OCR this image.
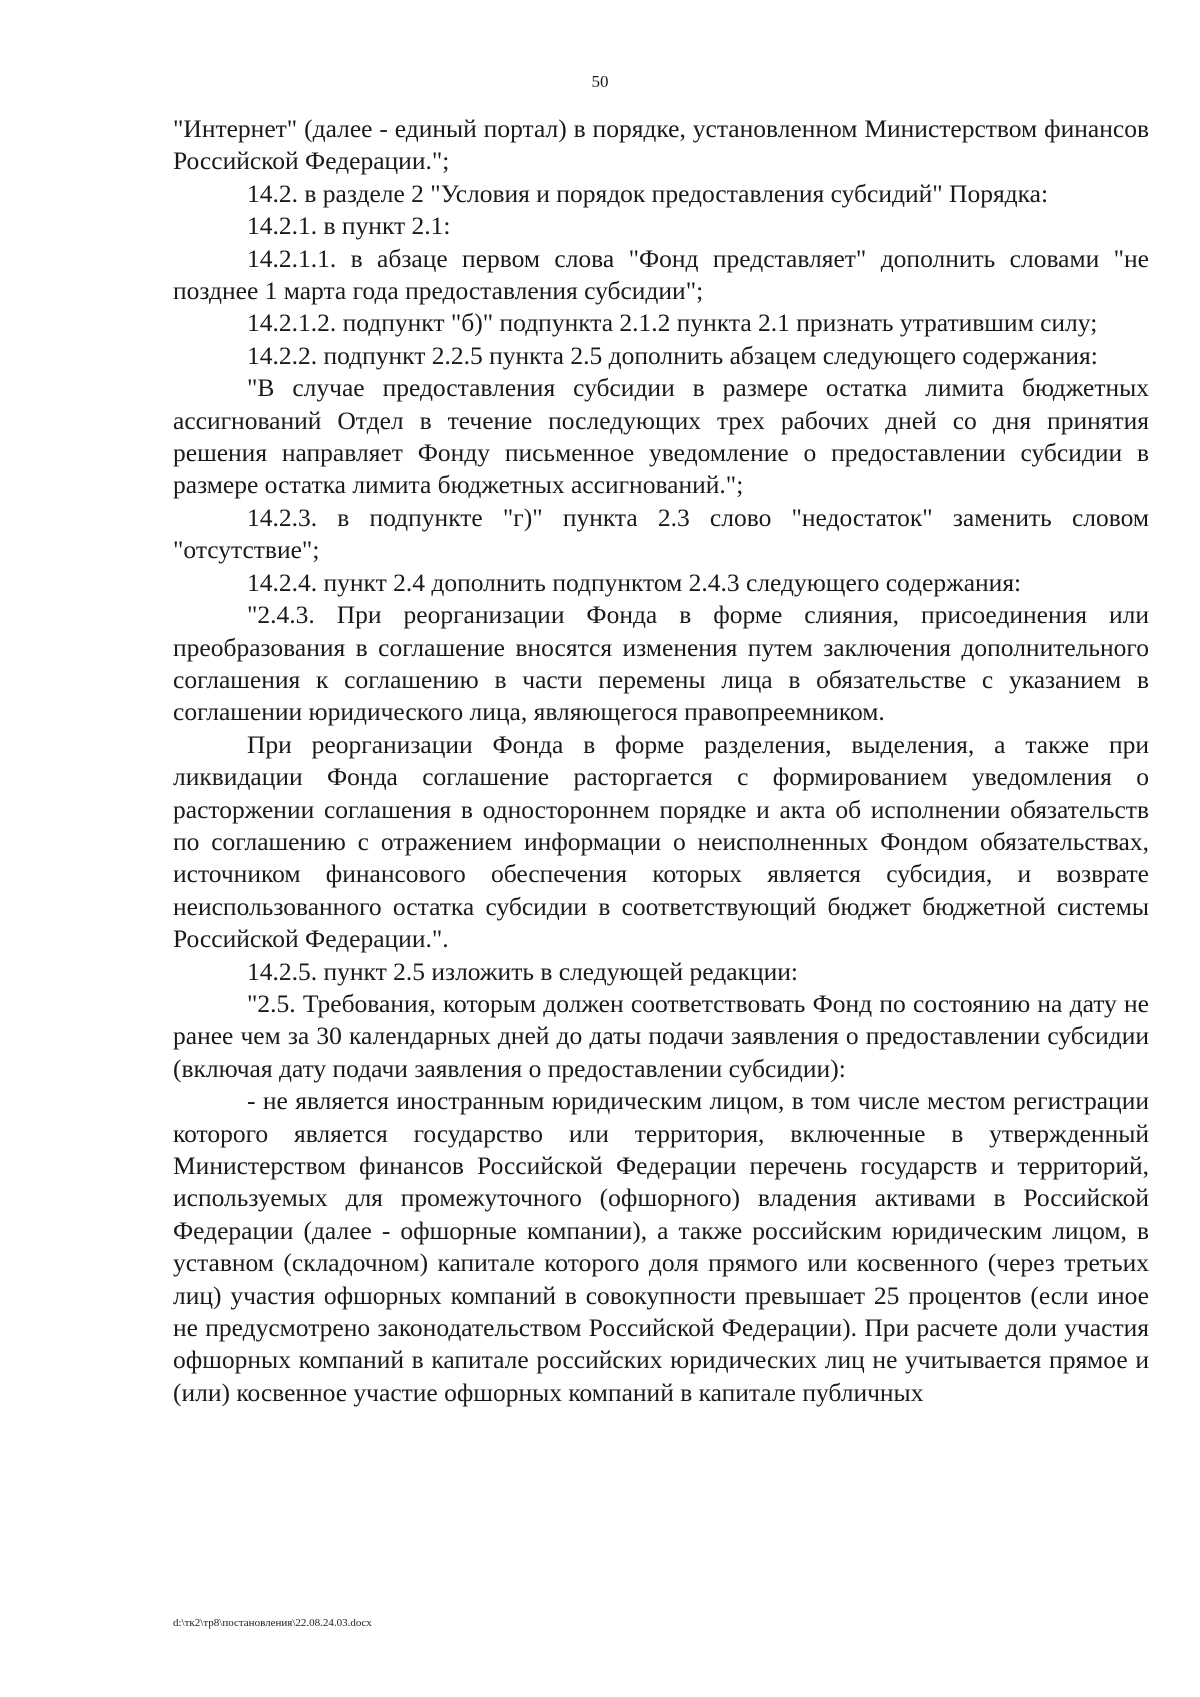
50

"Интернет" (далее - единый портал) в порядке, установленном Министерством финансов Российской Федерации.";

14.2. в разделе 2 "Условия и порядок предоставления субсидий" Порядка:

14.2.1. в пункт 2.1:

14.2.1.1. в абзаце первом слова "Фонд представляет" дополнить словами "не позднее 1 марта года предоставления субсидии";

14.2.1.2. подпункт "б)" подпункта 2.1.2 пункта 2.1 признать утратившим силу;

14.2.2. подпункт 2.2.5 пункта 2.5 дополнить абзацем следующего содержания:

"В случае предоставления субсидии в размере остатка лимита бюджетных ассигнований Отдел в течение последующих трех рабочих дней со дня принятия решения направляет Фонду письменное уведомление о предоставлении субсидии в размере остатка лимита бюджетных ассигнований.";

14.2.3. в подпункте "г)" пункта 2.3 слово "недостаток" заменить словом "отсутствие";

14.2.4. пункт 2.4 дополнить подпунктом 2.4.3 следующего содержания:

"2.4.3. При реорганизации Фонда в форме слияния, присоединения или преобразования в соглашение вносятся изменения путем заключения дополнительного соглашения к соглашению в части перемены лица в обязательстве с указанием в соглашении юридического лица, являющегося правопреемником.

При реорганизации Фонда в форме разделения, выделения, а также при ликвидации Фонда соглашение расторгается с формированием уведомления о расторжении соглашения в одностороннем порядке и акта об исполнении обязательств по соглашению с отражением информации о неисполненных Фондом обязательствах, источником финансового обеспечения которых является субсидия, и возврате неиспользованного остатка субсидии в соответствующий бюджет бюджетной системы Российской Федерации.".

14.2.5. пункт 2.5 изложить в следующей редакции:

"2.5. Требования, которым должен соответствовать Фонд по состоянию на дату не ранее чем за 30 календарных дней до даты подачи заявления о предоставлении субсидии (включая дату подачи заявления о предоставлении субсидии):

- не является иностранным юридическим лицом, в том числе местом регистрации которого является государство или территория, включенные в утвержденный Министерством финансов Российской Федерации перечень государств и территорий, используемых для промежуточного (офшорного) владения активами в Российской Федерации (далее - офшорные компании), а также российским юридическим лицом, в уставном (складочном) капитале которого доля прямого или косвенного (через третьих лиц) участия офшорных компаний в совокупности превышает 25 процентов (если иное не предусмотрено законодательством Российской Федерации). При расчете доли участия офшорных компаний в капитале российских юридических лиц не учитывается прямое и (или) косвенное участие офшорных компаний в капитале публичных

d:\тк2\тр8\постановления\22.08.24.03.docx
